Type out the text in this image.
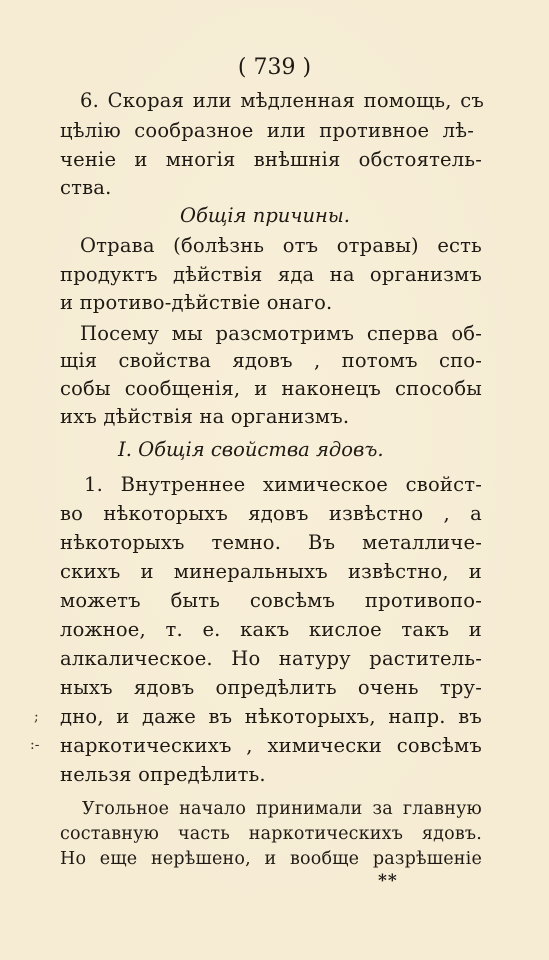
( 739 )
6. Скорая или мѣдленная помощь, съ
цѣлію сообразное или противное лѣ-
ченіе и многія внѣшнія обстоятель-
ства.
Общія причины.
Отрава (болѣзнь отъ отравы) есть
продуктъ дѣйствія яда на организмъ
и противо-дѣйствіе онаго.
Посему мы разсмотримъ сперва об-
щія свойства ядовъ , потомъ спо-
собы сообщенія, и наконецъ способы
ихъ дѣйствія на организмъ.
I. Общія свойства ядовъ.
1. Внутреннее химическое свойст-
во нѣкоторыхъ ядовъ извѣстно , а
нѣкоторыхъ темно. Въ металличе-
скихъ и минеральныхъ извѣстно, и
можетъ быть совсѣмъ противопо-
ложное, т. е. какъ кислое такъ и
алкалическое. Но натуру раститель-
ныхъ ядовъ опредѣлить очень тру-
дно, и даже въ нѣкоторыхъ, напр. въ
наркотическихъ , химически совсѣмъ
нельзя опредѣлить.
Угольное начало принимали за главную
составную часть наркотическихъ ядовъ.
Но еще нерѣшено, и вообще разрѣшеніе
**
;
:-
